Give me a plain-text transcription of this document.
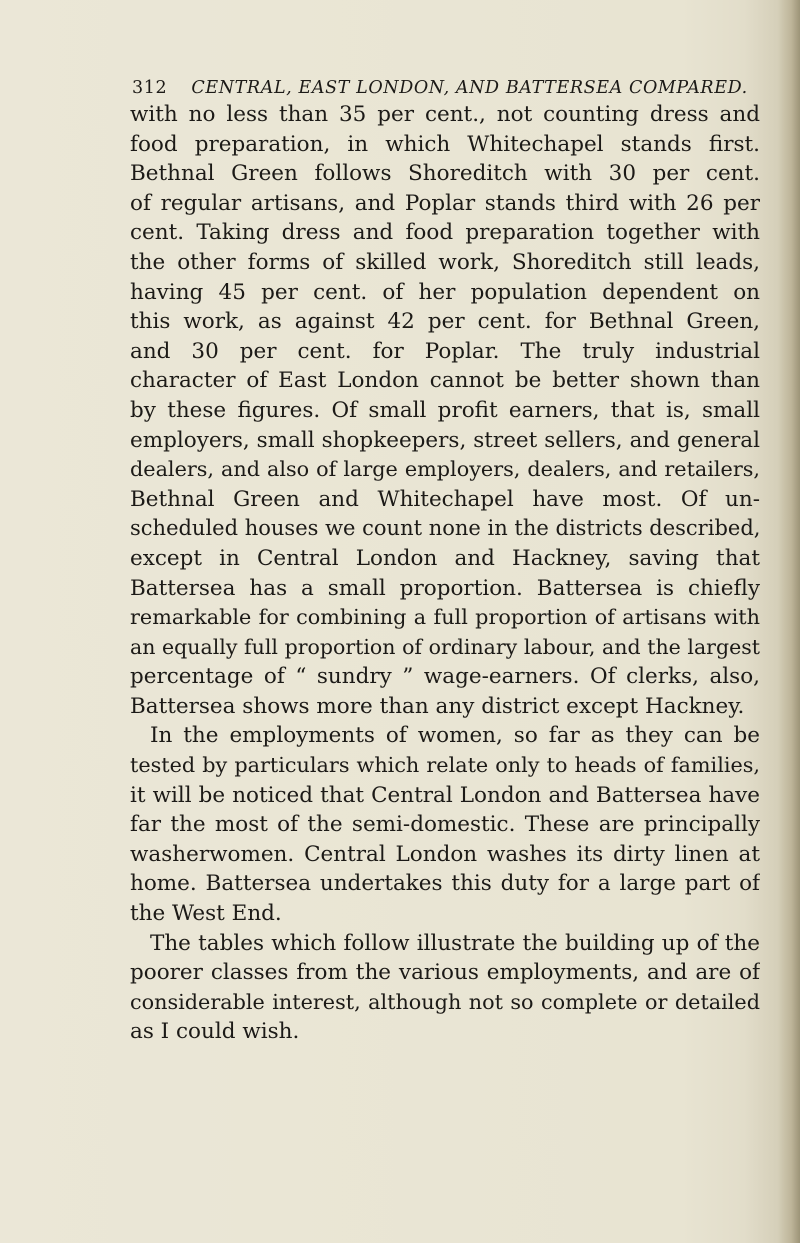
312 CENTRAL, EAST LONDON, AND BATTERSEA COMPARED.
with no less than 35 per cent., not counting dress and
food preparation, in which Whitechapel stands first.
Bethnal Green follows Shoreditch with 30 per cent.
of regular artisans, and Poplar stands third with 26 per
cent. Taking dress and food preparation together with
the other forms of skilled work, Shoreditch still leads,
having 45 per cent. of her population dependent on
this work, as against 42 per cent. for Bethnal Green,
and 30 per cent. for Poplar. The truly industrial
character of East London cannot be better shown than
by these figures. Of small profit earners, that is, small
employers, small shopkeepers, street sellers, and general
dealers, and also of large employers, dealers, and retailers,
Bethnal Green and Whitechapel have most. Of un-
scheduled houses we count none in the districts described,
except in Central London and Hackney, saving that
Battersea has a small proportion. Battersea is chiefly
remarkable for combining a full proportion of artisans with
an equally full proportion of ordinary labour, and the largest
percentage of “ sundry ” wage-earners. Of clerks, also,
Battersea shows more than any district except Hackney.
In the employments of women, so far as they can be
tested by particulars which relate only to heads of families,
it will be noticed that Central London and Battersea have
far the most of the semi-domestic. These are principally
washerwomen. Central London washes its dirty linen at
home. Battersea undertakes this duty for a large part of
the West End.
The tables which follow illustrate the building up of the
poorer classes from the various employments, and are of
considerable interest, although not so complete or detailed
as I could wish.
